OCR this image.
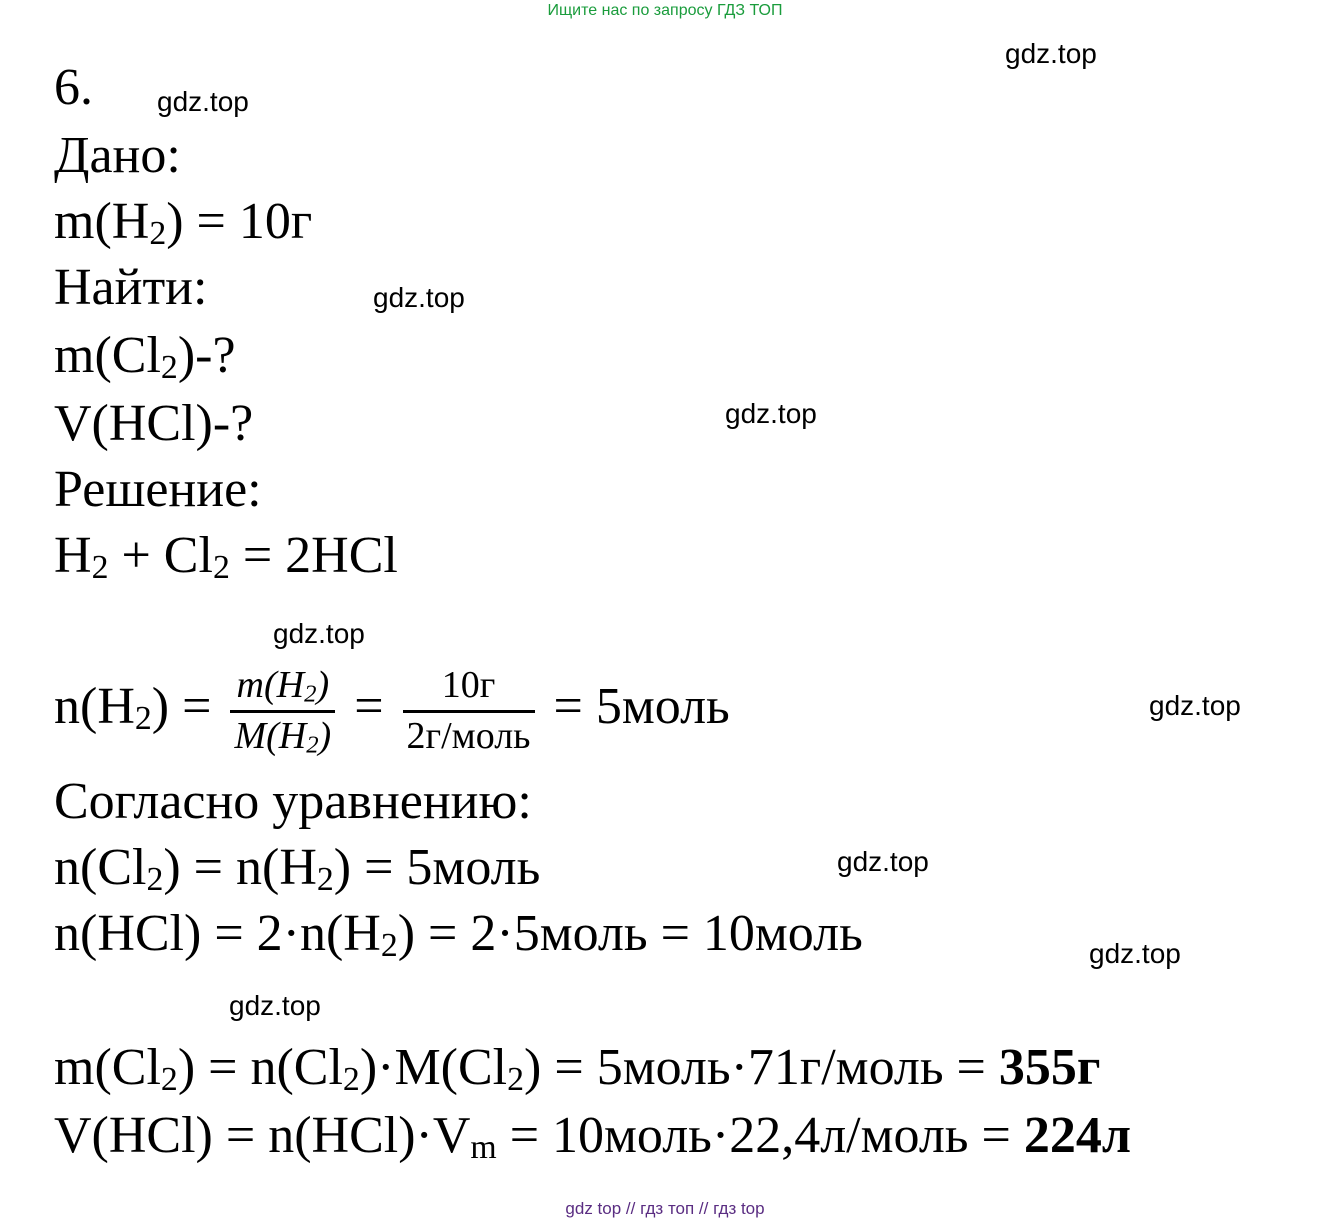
Ищите нас по запросу ГДЗ ТОП
gdz.top
gdz.top
gdz.top
gdz.top
gdz.top
gdz.top
gdz.top
gdz.top
gdz.top
6.
Дано:
$m(H_2) = 10г$
Найти:
$m(Cl_2)-$?
V(HCl)-?
Решение:
$H_2 + Cl_2 = 2HCl$
$n(H_2) = \frac{m(H_2)}{M(H_2)} = \frac{10г}{\text{2г/моль}}$ = 5моль
Согласно уравнению:
$n(Cl_2) = n(H_2)$ = 5моль
$n(HCl) = 2\cdot n(H_2)$ = 2·5моль = 10моль
$m(Cl_2) = n(Cl_2)\cdot M(Cl_2)$ = 5моль·71г/моль = 355г
$V(HCl) = n(HCl)\cdot V_m$ = 10моль·22,4л/моль = 224л
gdz top // гдз топ // гдз top
